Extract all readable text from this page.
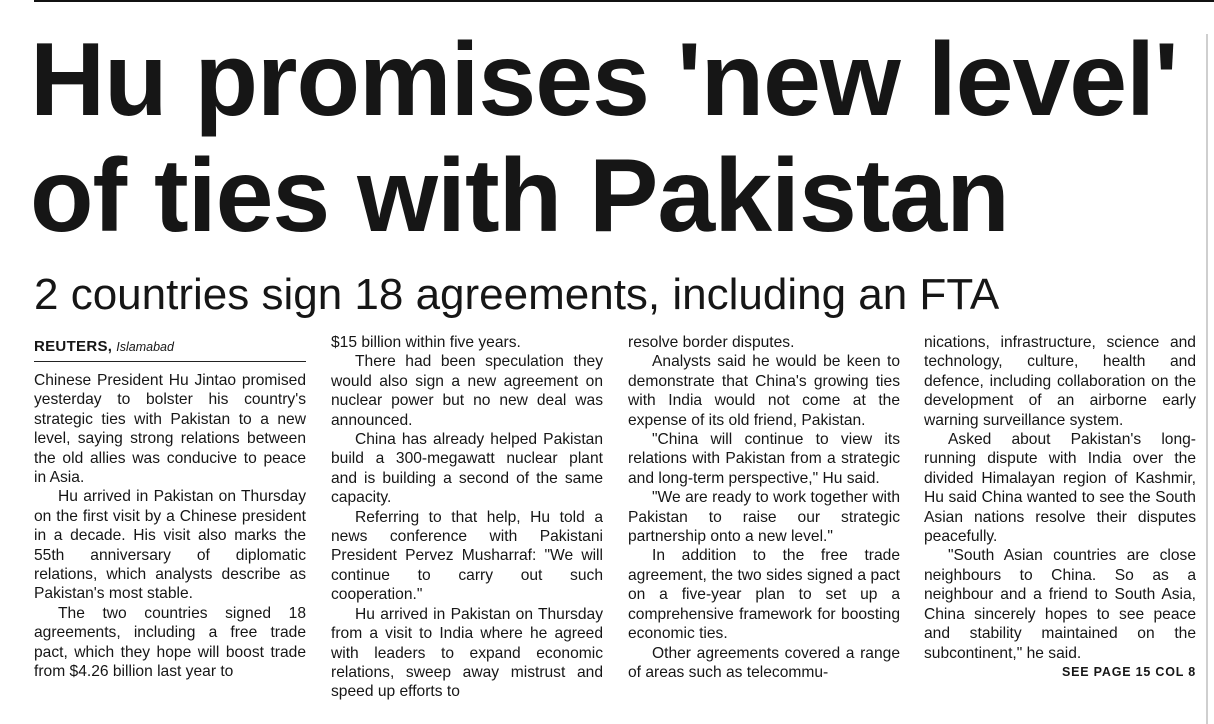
Hu promises 'new level'
of ties with Pakistan
2 countries sign 18 agreements, including an FTA
REUTERS, Islamabad

Chinese President Hu Jintao promised yesterday to bolster his country's strategic ties with Pakistan to a new level, saying strong relations between the old allies was conducive to peace in Asia.

Hu arrived in Pakistan on Thursday on the first visit by a Chinese president in a decade. His visit also marks the 55th anniversary of diplomatic relations, which analysts describe as Pakistan's most stable.

The two countries signed 18 agreements, including a free trade pact, which they hope will boost trade from $4.26 billion last year to

$15 billion within five years.

There had been speculation they would also sign a new agreement on nuclear power but no new deal was announced.

China has already helped Pakistan build a 300-megawatt nuclear plant and is building a second of the same capacity.

Referring to that help, Hu told a news conference with Pakistani President Pervez Musharraf: "We will continue to carry out such cooperation."

Hu arrived in Pakistan on Thursday from a visit to India where he agreed with leaders to expand economic relations, sweep away mistrust and speed up efforts to

resolve border disputes.

Analysts said he would be keen to demonstrate that China's growing ties with India would not come at the expense of its old friend, Pakistan.

"China will continue to view its relations with Pakistan from a strategic and long-term perspective," Hu said.

"We are ready to work together with Pakistan to raise our strategic partnership onto a new level."

In addition to the free trade agreement, the two sides signed a pact on a five-year plan to set up a comprehensive framework for boosting economic ties.

Other agreements covered a range of areas such as telecommu-

nications, infrastructure, science and technology, culture, health and defence, including collaboration on the development of an airborne early warning surveillance system.

Asked about Pakistan's long-running dispute with India over the divided Himalayan region of Kashmir, Hu said China wanted to see the South Asian nations resolve their disputes peacefully.

"South Asian countries are close neighbours to China. So as a neighbour and a friend to South Asia, China sincerely hopes to see peace and stability maintained on the subcontinent," he said.

SEE PAGE 15 COL 8
